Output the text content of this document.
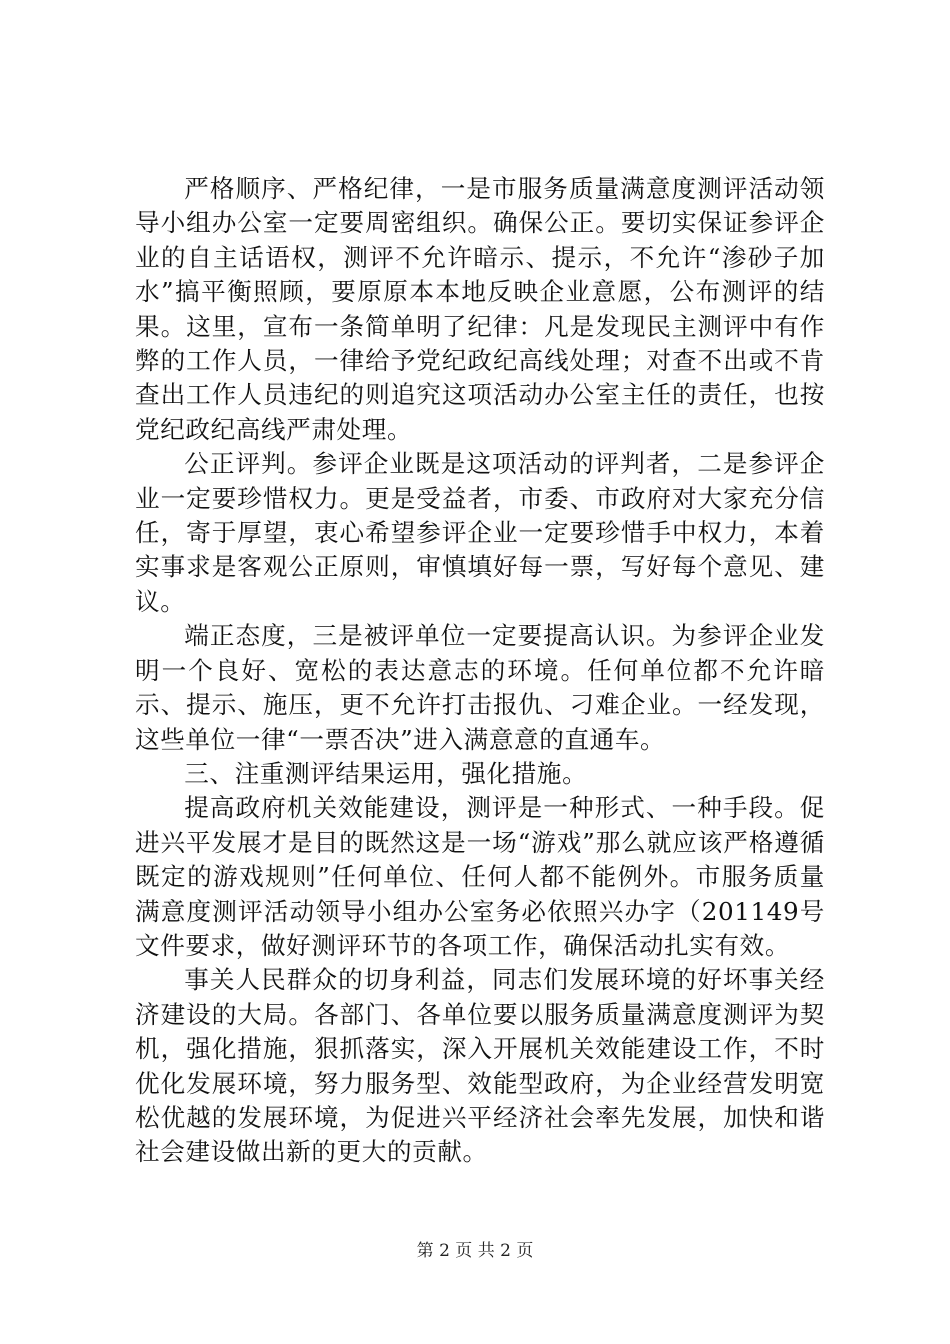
严格顺序、严格纪律，一是市服务质量满意度测评活动领导小组办公室一定要周密组织。确保公正。要切实保证参评企业的自主话语权，测评不允许暗示、提示，不允许“渗砂子加水”搞平衡照顾，要原原本本地反映企业意愿，公布测评的结果。这里，宣布一条简单明了纪律：凡是发现民主测评中有作弊的工作人员，一律给予党纪政纪高线处理；对查不出或不肯查出工作人员违纪的则追究这项活动办公室主任的责任，也按党纪政纪高线严肃处理。

公正评判。参评企业既是这项活动的评判者，二是参评企业一定要珍惜权力。更是受益者，市委、市政府对大家充分信任，寄于厚望，衷心希望参评企业一定要珍惜手中权力，本着实事求是客观公正原则，审慎填好每一票，写好每个意见、建议。

端正态度，三是被评单位一定要提高认识。为参评企业发明一个良好、宽松的表达意志的环境。任何单位都不允许暗示、提示、施压，更不允许打击报仇、刁难企业。一经发现，这些单位一律“一票否决”进入满意意的直通车。

三、注重测评结果运用，强化措施。

提高政府机关效能建设，测评是一种形式、一种手段。促进兴平发展才是目的既然这是一场“游戏”那么就应该严格遵循既定的游戏规则”任何单位、任何人都不能例外。市服务质量满意度测评活动领导小组办公室务必依照兴办字（201149号文件要求，做好测评环节的各项工作，确保活动扎实有效。

事关人民群众的切身利益，同志们发展环境的好坏事关经济建设的大局。各部门、各单位要以服务质量满意度测评为契机，强化措施，狠抓落实，深入开展机关效能建设工作，不时优化发展环境，努力服务型、效能型政府，为企业经营发明宽松优越的发展环境，为促进兴平经济社会率先发展，加快和谐社会建设做出新的更大的贡献。

第 2 页 共 2 页
